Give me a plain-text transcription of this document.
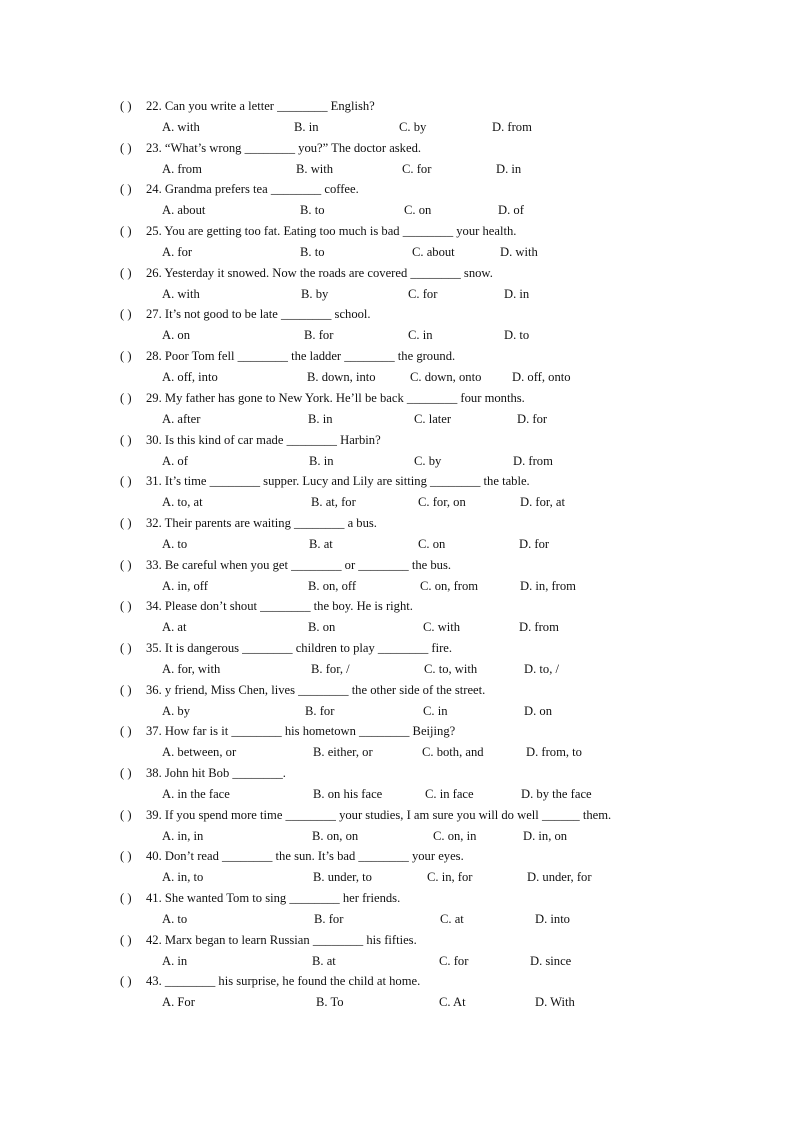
( ) 22. Can you write a letter ________ English?
A. with	B. in	C. by	D. from
( ) 23. “What’s wrong ________ you?” The doctor asked.
A. from	B. with	C. for	D. in
( ) 24. Grandma prefers tea ________ coffee.
A. about	B. to	C. on	D. of
( ) 25. You are getting too fat. Eating too much is bad ________ your health.
A. for	B. to	C. about	D. with
( ) 26. Yesterday it snowed. Now the roads are covered ________ snow.
A. with	B. by	C. for	D. in
( ) 27. It’s not good to be late ________ school.
A. on	B. for	C. in	D. to
( ) 28. Poor Tom fell ________ the ladder ________ the ground.
A. off, into	B. down, into	C. down, onto D. off, onto
( ) 29. My father has gone to New York. He’ll be back ________ four months.
A. after	B. in	C. later	D. for
( ) 30. Is this kind of car made ________ Harbin?
A. of	B. in	C. by	D. from
( ) 31. It’s time ________ supper. Lucy and Lily are sitting ________ the table.
A. to, at	B. at, for	C. for, on	D. for, at
( ) 32. Their parents are waiting ________ a bus.
A. to	B. at	C. on	D. for
( ) 33. Be careful when you get ________ or ________ the bus.
A. in, off	B. on, off	C. on, from	D. in, from
( ) 34. Please don’t shout ________ the boy. He is right.
A. at	B. on	C. with	D. from
( ) 35. It is dangerous ________ children to play ________ fire.
A. for, with	B. for, /	C. to, with	D. to, /
( ) 36. y friend, Miss Chen, lives ________ the other side of the street.
A. by	B. for	C. in	D. on
( ) 37. How far is it ________ his hometown ________ Beijing?
A. between, or	B. either, or	C. both, and	D. from, to
( ) 38. John hit Bob ________.
A. in the face	B. on his face	C. in face	D. by the face
( ) 39. If you spend more time ________ your studies, I am sure you will do well ______ them.
A. in, in	B. on, on	C. on, in	D. in, on
( ) 40. Don’t read ________ the sun. It’s bad ________ your eyes.
A. in, to	B. under, to	C. in, for	D. under, for
( ) 41. She wanted Tom to sing ________ her friends.
A. to	B. for	C. at	D. into
( ) 42. Marx began to learn Russian ________ his fifties.
A. in	B. at	C. for	D. since
( ) 43. ________ his surprise, he found the child at home.
A. For	B. To	C. At	D. With
